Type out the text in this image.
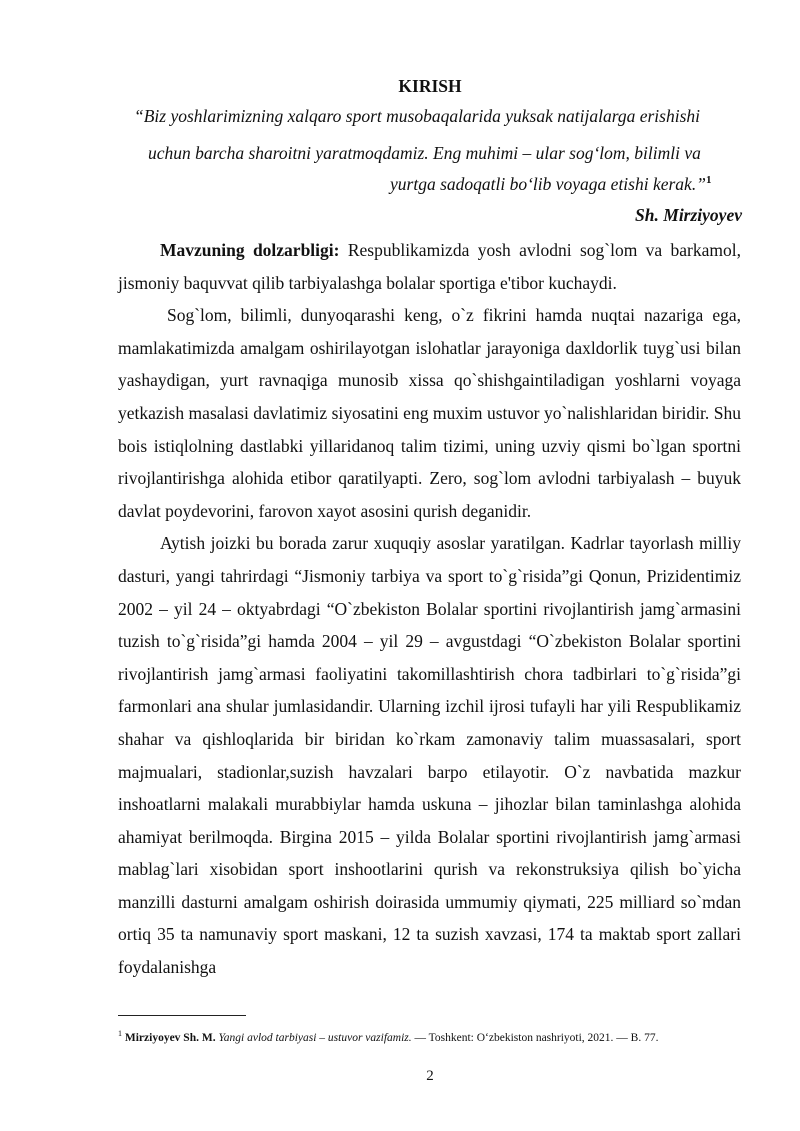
KIRISH
“Biz yoshlarimizning xalqaro sport musobaqalarida yuksak natijalarga erishishi
uchun barcha sharoitni yaratmoqdamiz. Eng muhimi – ular sog‘lom, bilimli va
yurtga sadoqatli bo‘lib voyaga etishi kerak.”$^1$
Sh. Mirziyoyev

Mavzuning dolzarbligi: Respublikamizda yosh avlodni sog`lom va barkamol, jismoniy baquvvat qilib tarbiyalashga bolalar sportiga e'tibor kuchaydi.

Sog`lom, bilimli, dunyoqarashi keng, o`z fikrini hamda nuqtai nazariga ega, mamlakatimizda amalgam oshirilayotgan islohatlar jarayoniga daxldorlik tuyg`usi bilan yashaydigan, yurt ravnaqiga munosib xissa qo`shishgaintiladigan yoshlarni voyaga yetkazish masalasi davlatimiz siyosatini eng muxim ustuvor yo`nalishlaridan biridir. Shu bois istiqlolning dastlabki yillaridanoq talim tizimi, uning uzviy qismi bo`lgan sportni rivojlantirishga alohida etibor qaratilyapti. Zero, sog`lom avlodni tarbiyalash – buyuk davlat poydevorini, farovon xayot asosini qurish deganidir.

Aytish joizki bu borada zarur xuquqiy asoslar yaratilgan. Kadrlar tayorlash milliy dasturi, yangi tahrirdagi “Jismoniy tarbiya va sport to`g`risida”gi Qonun, Prizidentimiz 2002 – yil 24 – oktyabrdagi “O`zbekiston Bolalar sportini rivojlantirish jamg`armasini tuzish to`g`risida”gi hamda 2004 – yil 29 – avgustdagi “O`zbekiston Bolalar sportini rivojlantirish jamg`armasi faoliyatini takomillashtirish chora tadbirlari to`g`risida”gi farmonlari ana shular jumlasidandir. Ularning izchil ijrosi tufayli har yili Respublikamiz shahar va qishloqlarida bir biridan ko`rkam zamonaviy talim muassasalari, sport majmualari, stadionlar,suzish havzalari barpo etilayotir. O`z navbatida mazkur inshoatlarni malakali murabbiylar hamda uskuna – jihozlar bilan taminlashga alohida ahamiyat berilmoqda. Birgina 2015 – yilda Bolalar sportini rivojlantirish jamg`armasi mablag`lari xisobidan sport inshootlarini qurish va rekonstruksiya qilish bo`yicha manzilli dasturni amalgam oshirish doirasida ummumiy qiymati, 225 milliard so`mdan ortiq 35 ta namunaviy sport maskani, 12 ta suzish xavzasi, 174 ta maktab sport zallari foydalanishga

$^1$ Mirziyoyev Sh. M. Yangi avlod tarbiyasi – ustuvor vazifamiz. — Toshkent: O‘zbekiston nashriyoti, 2021. — B. 77.
2
